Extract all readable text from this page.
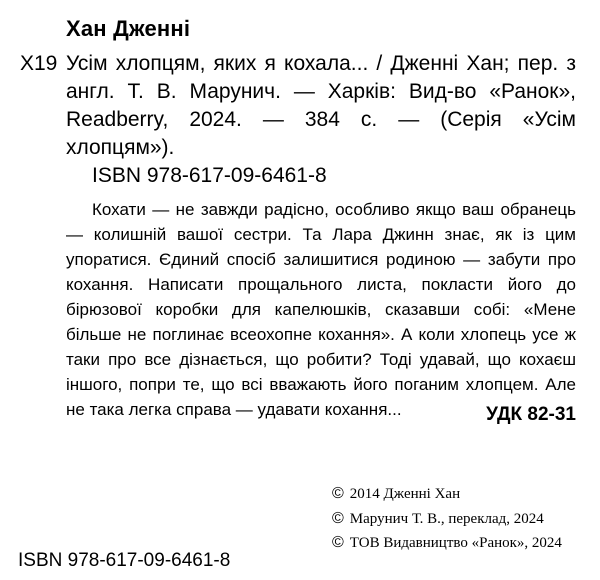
Хан Дженні
Х19 Усім хлопцям, яких я кохала... / Дженні Хан; пер. з англ. Т. В. Марунич. — Харків: Вид-во «Ранок», Readberry, 2024. — 384 с. — (Серія «Усім хлопцям»).
ISBN 978-617-09-6461-8
Кохати — не завжди радісно, особливо якщо ваш обранець — колишній вашої сестри. Та Лара Джинн знає, як із цим упоратися. Єдиний спосіб залишитися родиною — забути про кохання. Написати прощального листа, покласти його до бірюзової коробки для капелюшків, сказавши собі: «Мене більше не поглинає всеохопне кохання». А коли хлопець усе ж таки про все дізнається, що робити? Тоді удавай, що кохаєш іншого, попри те, що всі вважають його поганим хлопцем. Але не така легка справа — удавати кохання...	УДК 82-31
© 2014 Дженні Хан
© Марунич Т. В., переклад, 2024
© ТОВ Видавництво «Ранок», 2024
ISBN 978-617-09-6461-8
